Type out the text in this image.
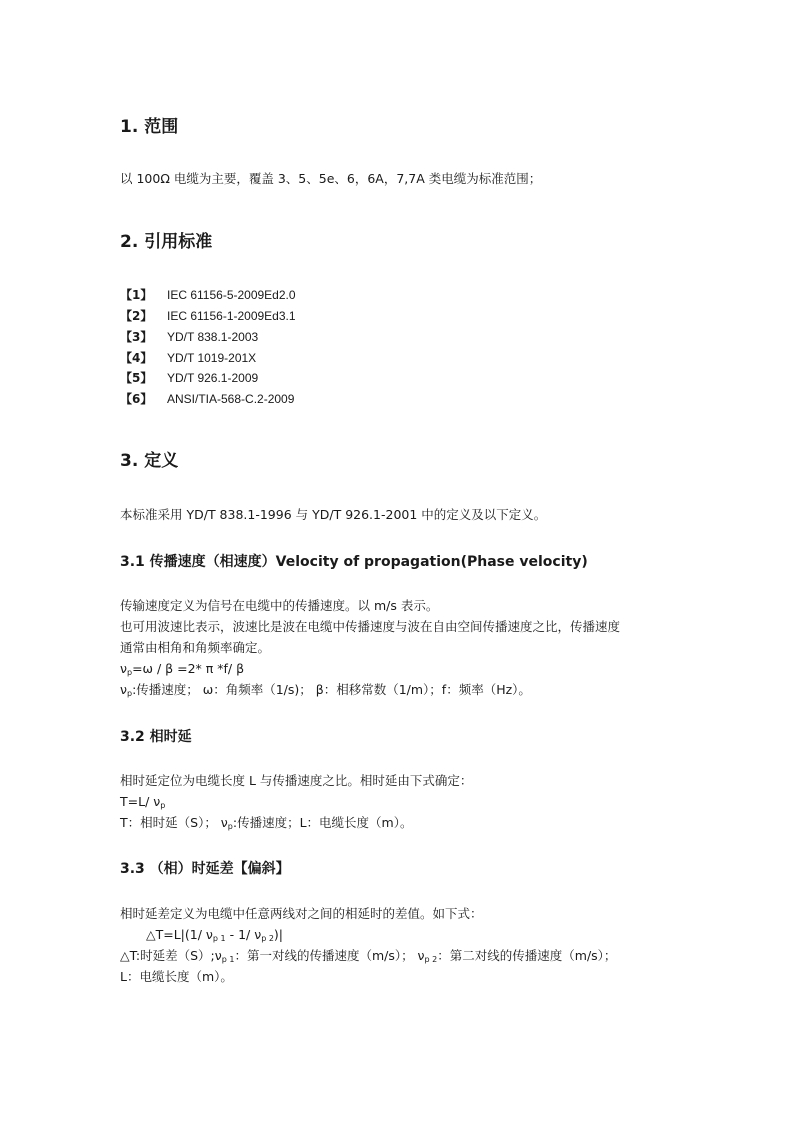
1. 范围
以 100Ω 电缆为主要，覆盖 3、5、5e、6，6A，7,7A 类电缆为标准范围；
2. 引用标准
【1】 IEC 61156-5-2009Ed2.0
【2】 IEC 61156-1-2009Ed3.1
【3】 YD/T 838.1-2003
【4】 YD/T 1019-201X
【5】 YD/T 926.1-2009
【6】 ANSI/TIA-568-C.2-2009
3. 定义
本标准采用 YD/T 838.1-1996 与 YD/T 926.1-2001 中的定义及以下定义。
3.1 传播速度（相速度）Velocity of propagation(Phase velocity)
传输速度定义为信号在电缆中的传播速度。以 m/s 表示。
也可用波速比表示，波速比是波在电缆中传播速度与波在自由空间传播速度之比，传播速度
通常由相角和角频率确定。
$\nu_p=\omega / \beta =2*$ π *f/ β
$\nu_p$:传播速度； ω：角频率（1/s)； β：相移常数（1/m）；f：频率（Hz）。
3.2 相时延
相时延定位为电缆长度 L 与传播速度之比。相时延由下式确定：
T=L/ $\nu_p$
T：相时延（S）； $\nu_p$:传播速度；L：电缆长度（m）。
3.3 （相）时延差【偏斜】
相时延差定义为电缆中任意两线对之间的相延时的差值。如下式：
△T=L|(1/ $\nu_{p 1} - 1/$ $\nu_{p 2})|$
△T:时延差$(S);\nu_{p 1}$：第一对线的传播速度（m/s）； $\nu_{p 2}$：第二对线的传播速度（m/s）；
L：电缆长度（m）。
